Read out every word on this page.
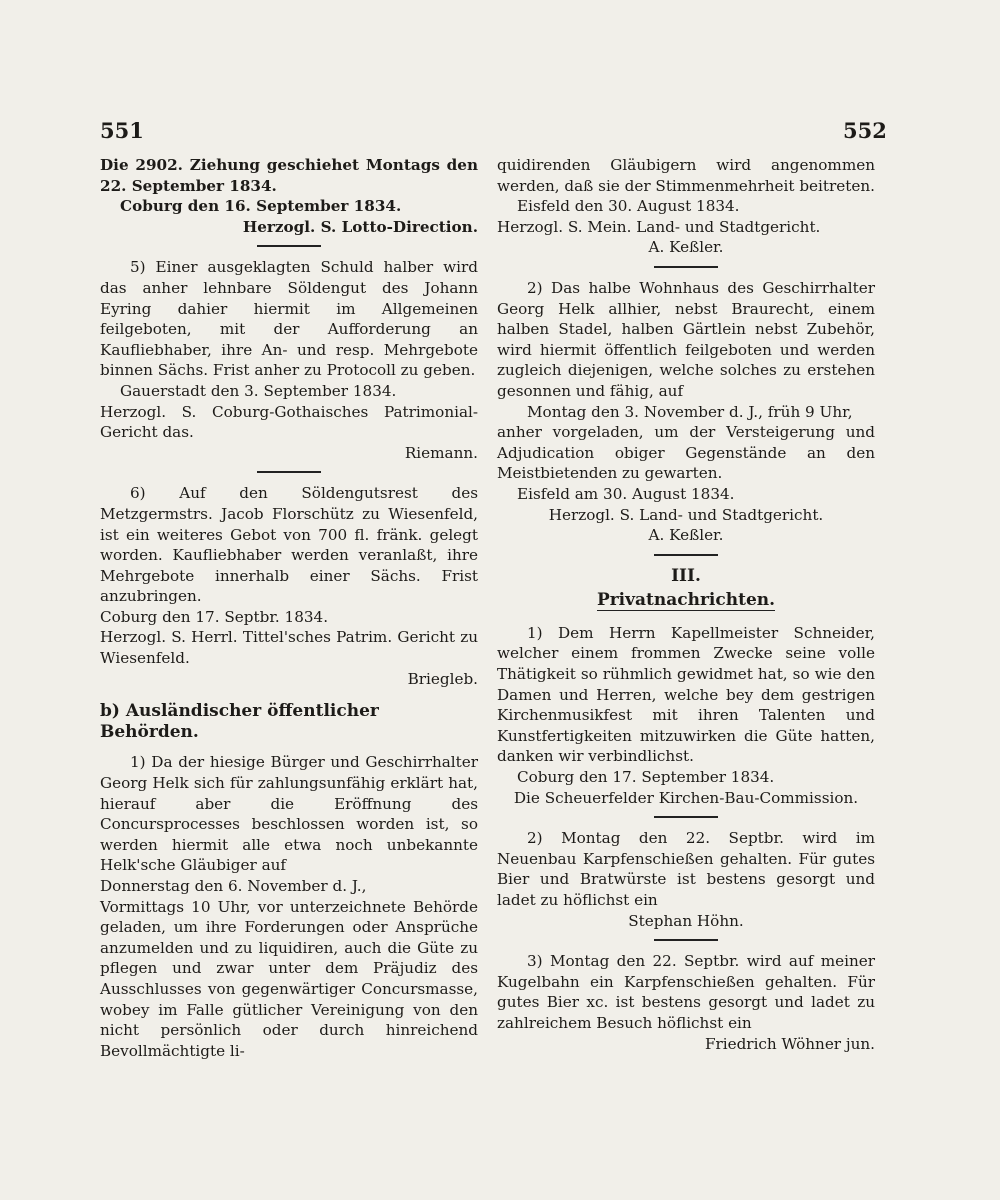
551	552

Die 2902. Ziehung geschiehet Montags den 22. September 1834.

Coburg den 16. September 1834.

Herzogl. S. Lotto-Direction.

5) Einer ausgeklagten Schuld halber wird das anher lehnbare Söldengut des Johann Eyring dahier hiermit im Allgemeinen feilgeboten, mit der Aufforderung an Kaufliebhaber, ihre An- und resp. Mehrgebote binnen Sächs. Frist anher zu Protocoll zu geben.

Gauerstadt den 3. September 1834.

Herzogl. S. Coburg-Gothaisches Patrimonial-Gericht das.

Riemann.

6) Auf den Söldengutsrest des Metzgermstrs. Jacob Florschütz zu Wiesenfeld, ist ein weiteres Gebot von 700 fl. fränk. gelegt worden. Kaufliebhaber werden veranlaßt, ihre Mehrgebote innerhalb einer Sächs. Frist anzubringen.

Coburg den 17. Septbr. 1834.

Herzogl. S. Herrl. Tittel'sches Patrim. Gericht zu Wiesenfeld.

Briegleb.

b) Ausländischer öffentlicher Behörden.

1) Da der hiesige Bürger und Geschirrhalter Georg Helk sich für zahlungsunfähig erklärt hat, hierauf aber die Eröffnung des Concursprocesses beschlossen worden ist, so werden hiermit alle etwa noch unbekannte Helk'sche Gläubiger auf

Donnerstag den 6. November d. J.,

Vormittags 10 Uhr, vor unterzeichnete Behörde geladen, um ihre Forderungen oder Ansprüche anzumelden und zu liquidiren, auch die Güte zu pflegen und zwar unter dem Präjudiz des Ausschlusses von gegenwärtiger Concursmasse, wobey im Falle gütlicher Vereinigung von den nicht persönlich oder durch hinreichend Bevollmächtigte li-

quidirenden Gläubigern wird angenommen werden, daß sie der Stimmenmehrheit beitreten.

Eisfeld den 30. August 1834.

Herzogl. S. Mein. Land- und Stadtgericht.

A. Keßler.

2) Das halbe Wohnhaus des Geschirrhalter Georg Helk allhier, nebst Braurecht, einem halben Stadel, halben Gärtlein nebst Zubehör, wird hiermit öffentlich feilgeboten und werden zugleich diejenigen, welche solches zu erstehen gesonnen und fähig, auf

Montag den 3. November d. J., früh 9 Uhr,

anher vorgeladen, um der Versteigerung und Adjudication obiger Gegenstände an den Meistbietenden zu gewarten.

Eisfeld am 30. August 1834.

Herzogl. S. Land- und Stadtgericht.

A. Keßler.

III.

Privatnachrichten.

1) Dem Herrn Kapellmeister Schneider, welcher einem frommen Zwecke seine volle Thätigkeit so rühmlich gewidmet hat, so wie den Damen und Herren, welche bey dem gestrigen Kirchenmusikfest mit ihren Talenten und Kunstfertigkeiten mitzuwirken die Güte hatten, danken wir verbindlichst.

Coburg den 17. September 1834.

Die Scheuerfelder Kirchen-Bau-Commission.

2) Montag den 22. Septbr. wird im Neuenbau Karpfenschießen gehalten. Für gutes Bier und Bratwürste ist bestens gesorgt und ladet zu höflichst ein

Stephan Höhn.

3) Montag den 22. Septbr. wird auf meiner Kugelbahn ein Karpfenschießen gehalten. Für gutes Bier xc. ist bestens gesorgt und ladet zu zahlreichem Besuch höflichst ein

Friedrich Wöhner jun.
